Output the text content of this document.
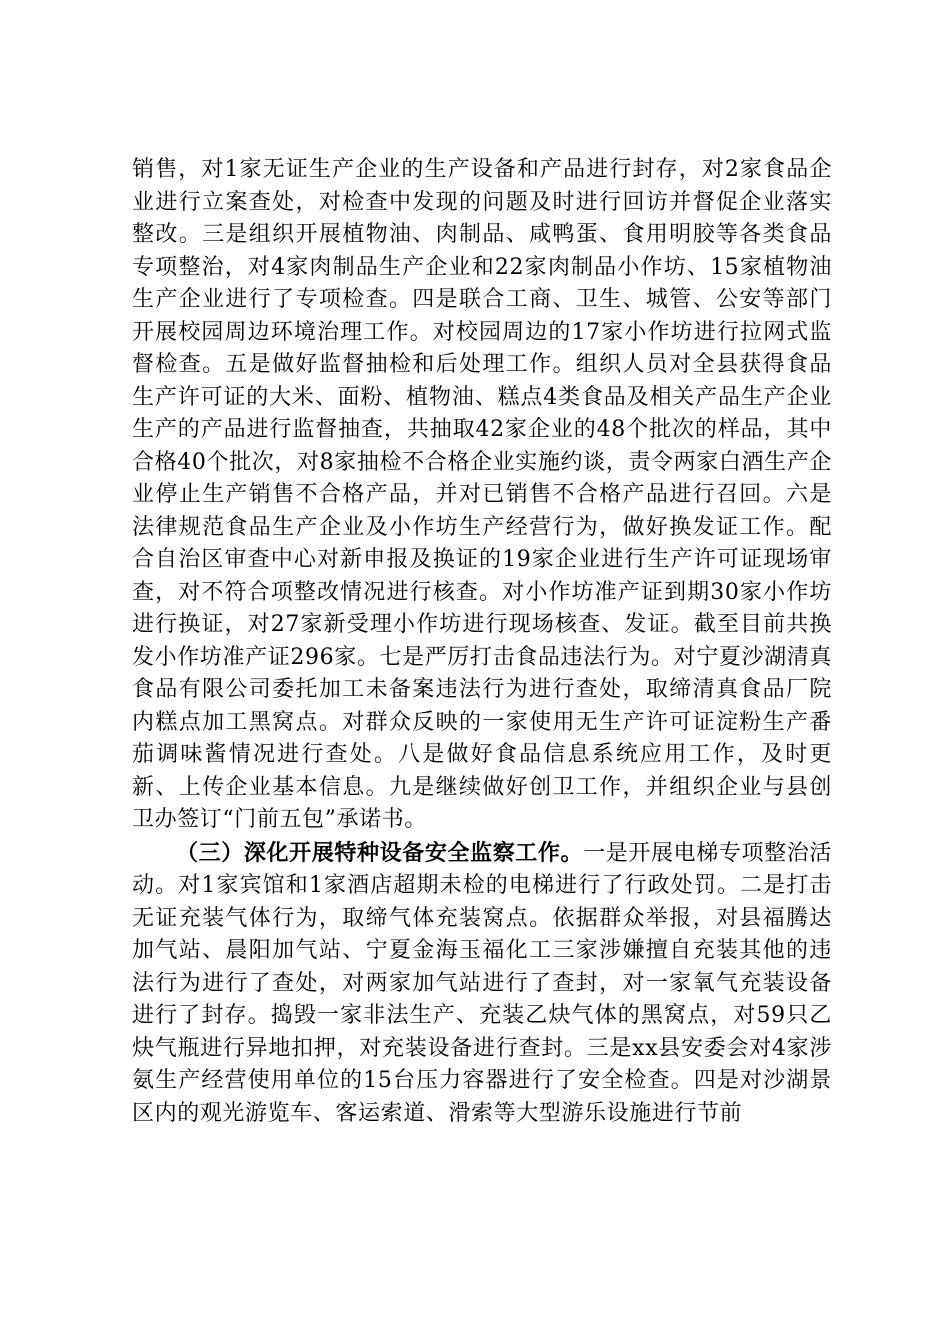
销售，对1家无证生产企业的生产设备和产品进行封存，对2家食品企业进行立案查处，对检查中发现的问题及时进行回访并督促企业落实整改。三是组织开展植物油、肉制品、咸鸭蛋、食用明胶等各类食品专项整治，对4家肉制品生产企业和22家肉制品小作坊、15家植物油生产企业进行了专项检查。四是联合工商、卫生、城管、公安等部门开展校园周边环境治理工作。对校园周边的17家小作坊进行拉网式监督检查。五是做好监督抽检和后处理工作。组织人员对全县获得食品生产许可证的大米、面粉、植物油、糕点4类食品及相关产品生产企业生产的产品进行监督抽查，共抽取42家企业的48个批次的样品，其中合格40个批次，对8家抽检不合格企业实施约谈，责令两家白酒生产企业停止生产销售不合格产品，并对已销售不合格产品进行召回。六是法律规范食品生产企业及小作坊生产经营行为，做好换发证工作。配合自治区审查中心对新申报及换证的19家企业进行生产许可证现场审查，对不符合项整改情况进行核查。对小作坊准产证到期30家小作坊进行换证，对27家新受理小作坊进行现场核查、发证。截至目前共换发小作坊准产证296家。七是严厉打击食品违法行为。对宁夏沙湖清真食品有限公司委托加工未备案违法行为进行查处，取缔清真食品厂院内糕点加工黑窝点。对群众反映的一家使用无生产许可证淀粉生产番茄调味酱情况进行查处。八是做好食品信息系统应用工作，及时更新、上传企业基本信息。九是继续做好创卫工作，并组织企业与县创卫办签订“门前五包”承诺书。

（三）深化开展特种设备安全监察工作。一是开展电梯专项整治活动。对1家宾馆和1家酒店超期未检的电梯进行了行政处罚。二是打击无证充装气体行为，取缔气体充装窝点。依据群众举报，对县福腾达加气站、晨阳加气站、宁夏金海玉福化工三家涉嫌擅自充装其他的违法行为进行了查处，对两家加气站进行了查封，对一家氧气充装设备进行了封存。捣毁一家非法生产、充装乙炔气体的黑窝点，对59只乙炔气瓶进行异地扣押，对充装设备进行查封。三是xx县安委会对4家涉氨生产经营使用单位的15台压力容器进行了安全检查。四是对沙湖景区内的观光游览车、客运索道、滑索等大型游乐设施进行节前
